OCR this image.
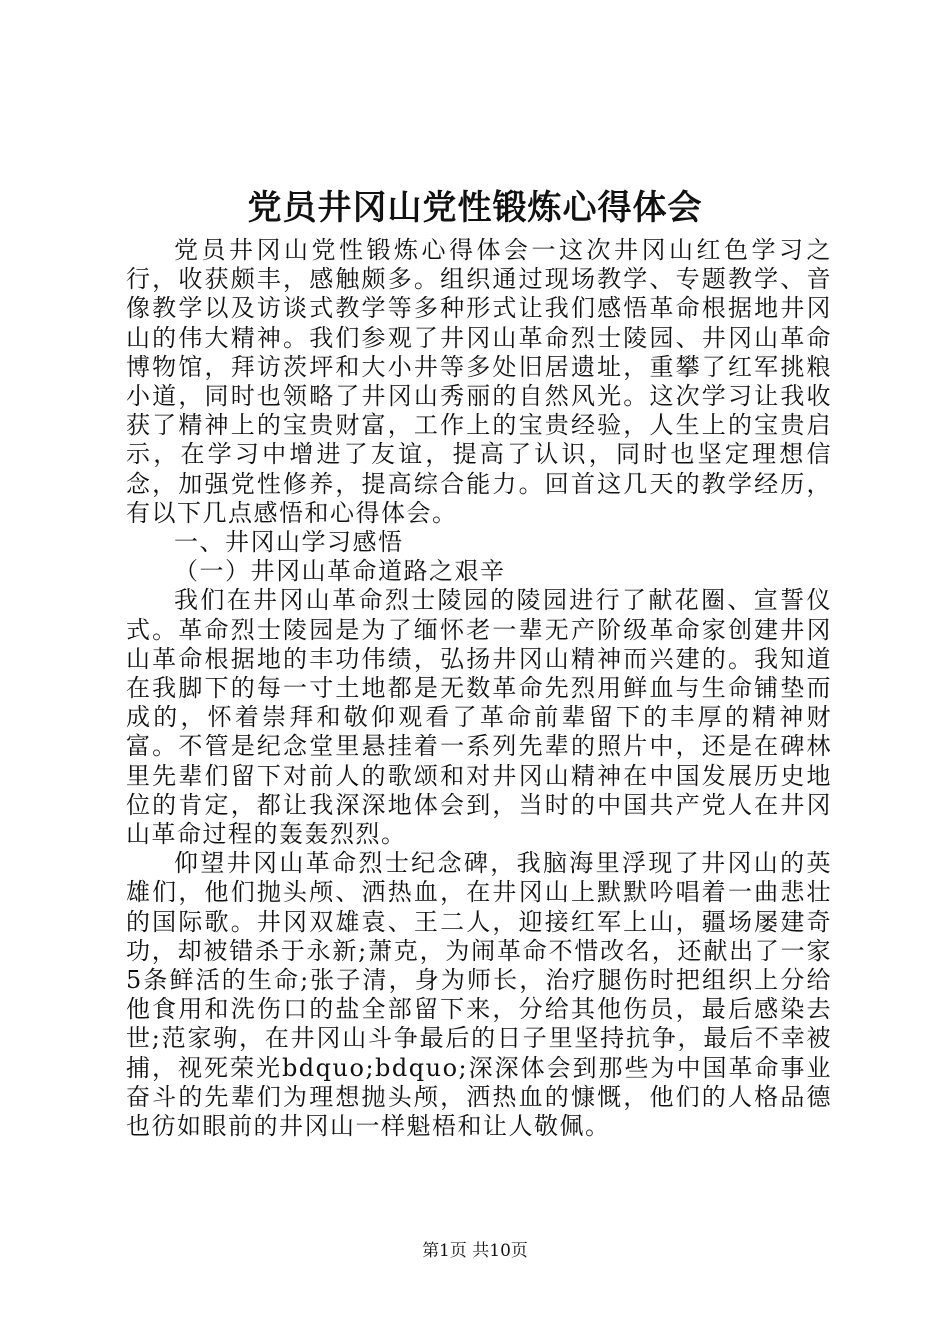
党员井冈山党性锻炼心得体会

党员井冈山党性锻炼心得体会一这次井冈山红色学习之行，收获颇丰，感触颇多。组织通过现场教学、专题教学、音像教学以及访谈式教学等多种形式让我们感悟革命根据地井冈山的伟大精神。我们参观了井冈山革命烈士陵园、井冈山革命博物馆，拜访茨坪和大小井等多处旧居遗址，重攀了红军挑粮小道，同时也领略了井冈山秀丽的自然风光。这次学习让我收获了精神上的宝贵财富，工作上的宝贵经验，人生上的宝贵启示，在学习中增进了友谊，提高了认识，同时也坚定理想信念，加强党性修养，提高综合能力。回首这几天的教学经历，有以下几点感悟和心得体会。

一、井冈山学习感悟

（一）井冈山革命道路之艰辛

我们在井冈山革命烈士陵园的陵园进行了献花圈、宣誓仪式。革命烈士陵园是为了缅怀老一辈无产阶级革命家创建井冈山革命根据地的丰功伟绩，弘扬井冈山精神而兴建的。我知道在我脚下的每一寸土地都是无数革命先烈用鲜血与生命铺垫而成的，怀着崇拜和敬仰观看了革命前辈留下的丰厚的精神财富。不管是纪念堂里悬挂着一系列先辈的照片中，还是在碑林里先辈们留下对前人的歌颂和对井冈山精神在中国发展历史地位的肯定，都让我深深地体会到，当时的中国共产党人在井冈山革命过程的轰轰烈烈。

仰望井冈山革命烈士纪念碑，我脑海里浮现了井冈山的英雄们，他们抛头颅、洒热血，在井冈山上默默吟唱着一曲悲壮的国际歌。井冈双雄袁、王二人，迎接红军上山，疆场屡建奇功，却被错杀于永新;萧克，为闹革命不惜改名，还献出了一家5条鲜活的生命;张子清，身为师长，治疗腿伤时把组织上分给他食用和洗伤口的盐全部留下来，分给其他伤员，最后感染去世;范家驹，在井冈山斗争最后的日子里坚持抗争，最后不幸被捕，视死荣光bdquo;bdquo;深深体会到那些为中国革命事业奋斗的先辈们为理想抛头颅，洒热血的慷慨，他们的人格品德也彷如眼前的井冈山一样魁梧和让人敬佩。

第1页 共10页
